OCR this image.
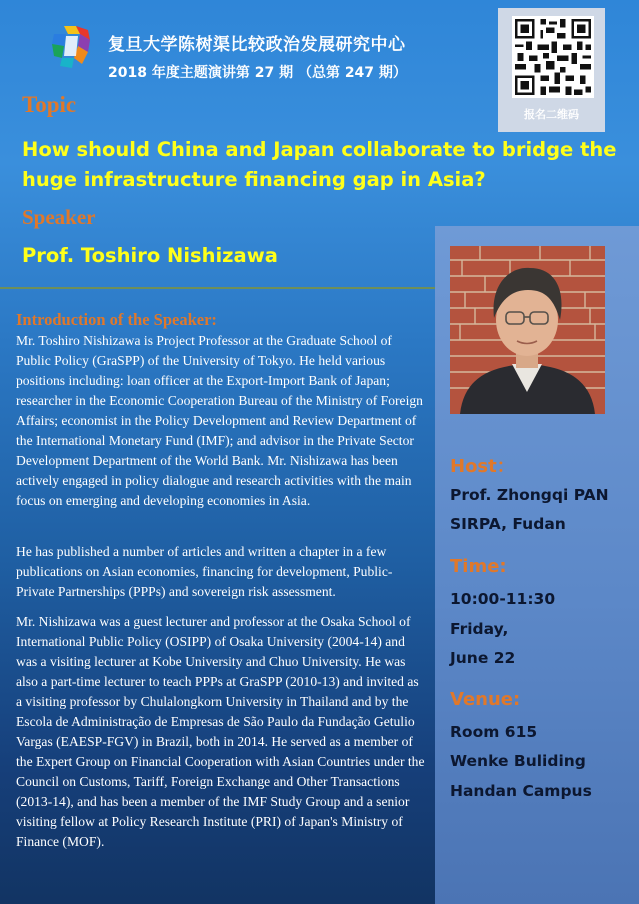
复旦大学陈树渠比较政治发展研究中心
2018 年度主题演讲第 27 期 （总第 247 期）
报名二维码
Topic
How should China and Japan collaborate to bridge the huge infrastructure financing gap in Asia?
Speaker
Prof. Toshiro Nishizawa
Introduction of the Speaker:

Mr. Toshiro Nishizawa is Project Professor at the Graduate School of Public Policy (GraSPP) of the University of Tokyo. He held various positions including: loan officer at the Export-Import Bank of Japan; researcher in the Economic Cooperation Bureau of the Ministry of Foreign Affairs; economist in the Policy Development and Review Department of the International Monetary Fund (IMF); and advisor in the Private Sector Development Department of the World Bank. Mr. Nishizawa has been actively engaged in policy dialogue and research activities with the main focus on emerging and developing economies in Asia.

He has published a number of articles and written a chapter in a few publications on Asian economies, financing for development, Public-Private Partnerships (PPPs) and sovereign risk assessment.

Mr. Nishizawa was a guest lecturer and professor at the Osaka School of International Public Policy (OSIPP) of Osaka University (2004-14) and was a visiting lecturer at Kobe University and Chuo University. He was also a part-time lecturer to teach PPPs at GraSPP (2010-13) and invited as a visiting professor by Chulalongkorn University in Thailand and by the Escola de Administração de Empresas de São Paulo da Fundação Getulio Vargas (EAESP-FGV) in Brazil, both in 2014. He served as a member of the Expert Group on Financial Cooperation with Asian Countries under the Council on Customs, Tariff, Foreign Exchange and Other Transactions (2013-14), and has been a member of the IMF Study Group and a senior visiting fellow at Policy Research Institute (PRI) of Japan's Ministry of Finance (MOF).

Host：
Prof. Zhongqi PAN
SIRPA, Fudan
Time:
10:00-11:30
Friday,
June 22
Venue:
Room 615
Wenke Buliding
Handan Campus
